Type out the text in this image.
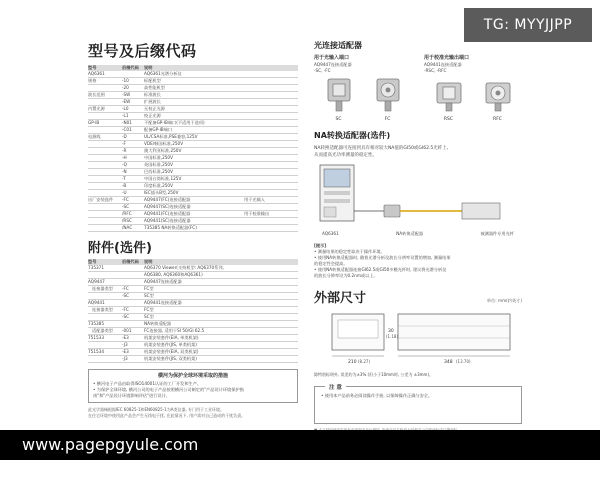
TG: MYYJJPP
型号及后缀代码
型号	后缀代码	说明
AQ6361	AQ6361光谱分析仪
规格	-10	标配机型
-20	高性能机型
波长范围	-SW	标准波长
-EW	扩展波长
内置光源	-L0	无校正光源
-L1	校正光源
GP-IB	-N01	不配备GP-IB端口(不适用于选项)
-C01	配备GP-IB端口
电源线	-D	UL/CSA标准,PSE兼容,125V
-F	VDE/韩国标准,250V
-R	澳大利亚标准,250V
-H	中国标准,250V
-Q	英国标准,250V
-N	巴西标准,250V
-T	中国台湾标准,125V
-B	印度标准,250V
-U	IEC插头B型,250V
出厂安装选件	-FC	AQ9447(FC)连接适配器	用于光输入
-SC	AQ9447(SC)连接适配器
/RFC	AQ9441(FC)连接适配器	用于校准输出
/RSC	AQ9441(SC)连接适配器
/NAC	735385 NA转换适配器(FC)
附件(选件)
型号	后缀代码	说明
735371	AQ6370 Viewer(支持机型: AQ6370系列,
AQ6380, AQ6360和AQ6361)
AQ9447	AQ9447连接适配器
连接器类型	-FC	FC型
-SC	SC型
AQ9441	AQ9441连接适配器
连接器类型	-FC	FC型
-SC	SC型
735385	NA转换适配器
适配器类型	-001	FC连接器, 适用于SI 50/GI 62.5
751533	-E3	机架安装套件(EIA, 单类机架)
-J3	机架安装套件(JIS, 单类机架)
751534	-E3	机架安装套件(EIA, 双类机架)
-J3	机架安装套件(JIS, 双类机架)
横河为保护全球环境采取的措施
• 横河电子产品由取得ISO14001认证的工厂开发和生产。
• 为保护全球环境, 横河公司的电子产品按照横河公司制定的"产品设计环境保护指
南"和"产品设计环境影响评估"进行设计。
此光学器械根据IEC 60825-1和EN60825-1为A类仪器, 专门用于工业环境。
在住宅环境中使用此产品会产生无线电干扰, 在此情况下, 用户需对自己造成的干扰负责。
光连接适配器
用于光输入端口
AQ9447连接适配器
-SC, -FC
SC	FC
用于校准光输出端口
AQ9441连接适配器
-RSC, -RFC
RSC	RFC
NA转换适配器(选件)
NA转换适配器可连接到具有相对较大NA值的GI50或GI62.5光纤上,
从而提高光功率测量的稳定性。
AQ6361	NA转换适配器	被测器件专用光纤
[提示]
• 测量结果的稳定性取决于操作环境。
• 使用NA转换适配器时, 随着光谱分析仪波长分辨率设置的增加, 测量结果
的稳定性会提高。
• 使用NA转换适配器连接GI62.5或GI50多模光纤时, 建议将光谱分析仪
的波长分辨率设为0.2nm或以上。
外部尺寸	单位: mm(约英寸)
210 (8.27)
30
(1.18)
348 (13.70)
除特别标明外, 误差约为±3% (但小于10mm时, 公差为 ±3mm)。
注 意
• 使用本产品前务必阅读操作手册, 以保障操作正确与安全。
www.pagepgyule.com
